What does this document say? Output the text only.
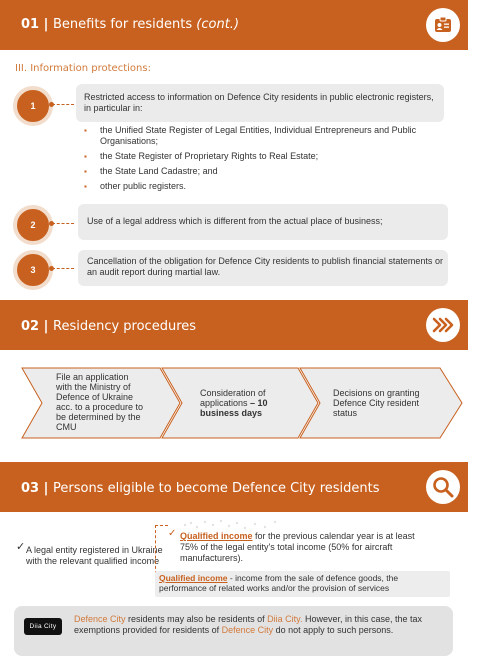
01 | Benefits for residents (cont.)
III. Information protections:
1
Restricted access to information on Defence City residents in public electronic registers, in particular in:
▪ the Unified State Register of Legal Entities, Individual Entrepreneurs and Public Organisations;
▪ the State Register of Proprietary Rights to Real Estate;
▪ the State Land Cadastre; and
▪ other public registers.
2	Use of a legal address which is different from the actual place of business;
3
Cancellation of the obligation for Defence City residents to publish financial statements or an audit report during martial law.
02 | Residency procedures
File an application with the Ministry of Defence of Ukraine acc. to a procedure to be determined by the CMU
Consideration of applications – 10 business days
Decisions on granting Defence City resident status
03 | Persons eligible to become Defence City residents
✓ A legal entity registered in Ukraine with the relevant qualified income
✓ Qualified income for the previous calendar year is at least 75% of the legal entity's total income (50% for aircraft manufacturers).
Qualified income - income from the sale of defence goods, the performance of related works and/or the provision of services
Diia City
Defence City residents may also be residents of Diia City. However, in this case, the tax exemptions provided for residents of Defence City do not apply to such persons.
